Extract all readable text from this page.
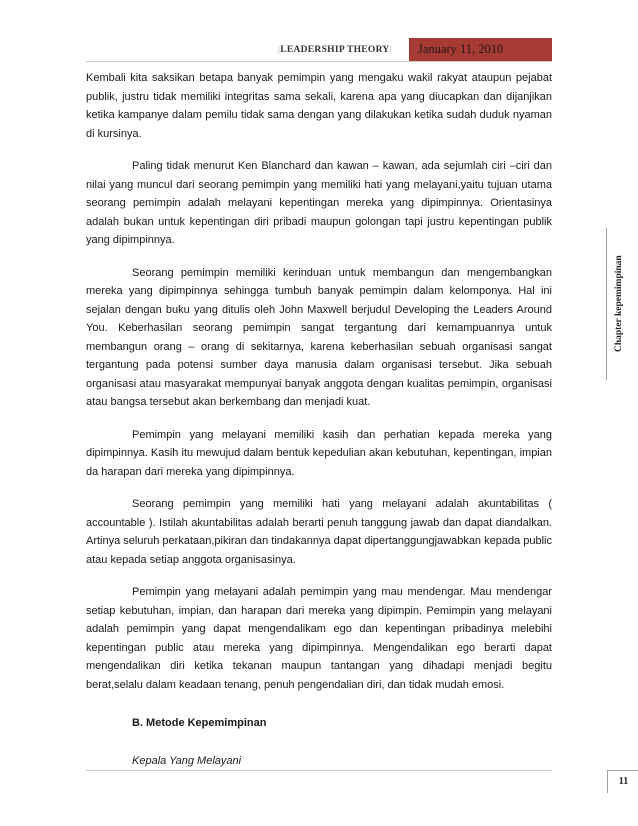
|LEADERSHIP THEORY|	January 11, 2010
Chapter kepemimpinan

Kembali kita saksikan betapa banyak pemimpin yang mengaku wakil rakyat ataupun pejabat publik, justru tidak memiliki integritas sama sekali, karena apa yang diucapkan dan dijanjikan ketika kampanye dalam pemilu tidak sama dengan yang dilakukan ketika sudah duduk nyaman di kursinya.

Paling tidak menurut Ken Blanchard dan kawan – kawan, ada sejumlah ciri –ciri dan nilai yang muncul dari seorang pemimpin yang memiliki hati yang melayani,yaitu tujuan utama seorang pemimpin adalah melayani kepentingan mereka yang dipimpinnya. Orientasinya adalah bukan untuk kepentingan diri pribadi maupun golongan tapi justru kepentingan publik yang dipimpinnya.

Seorang pemimpin memiliki kerinduan untuk membangun dan mengembangkan mereka yang dipimpinnya sehingga tumbuh banyak pemimpin dalam kelomponya. Hal ini sejalan dengan buku yang ditulis oleh John Maxwell berjudul Developing the Leaders Around You. Keberhasilan seorang pemimpin sangat tergantung dari kemampuannya untuk membangun orang – orang di sekitarnya, karena keberhasilan sebuah organisasi sangat tergantung pada potensi sumber daya manusia dalam organisasi tersebut. Jika sebuah organisasi atau masyarakat mempunyai banyak anggota dengan kualitas pemimpin, organisasi atau bangsa tersebut akan berkembang dan menjadi kuat.

Pemimpin yang melayani memiliki kasih dan perhatian kepada mereka yang dipimpinnya. Kasih itu mewujud dalam bentuk kepedulian akan kebutuhan, kepentingan, impian da harapan dari mereka yang dipimpinnya.

Seorang pemimpin yang memiliki hati yang melayani adalah akuntabilitas ( accountable ). Istilah akuntabilitas adalah berarti penuh tanggung jawab dan dapat diandalkan. Artinya seluruh perkataan,pikiran dan tindakannya dapat dipertanggungjawabkan kepada public atau kepada setiap anggota organisasinya.

Pemimpin yang melayani adalah pemimpin yang mau mendengar. Mau mendengar setiap kebutuhan, impian, dan harapan dari mereka yang dipimpin. Pemimpin yang melayani adalah pemimpin yang dapat mengendalikam ego dan kepentingan pribadinya melebihi kepentingan public atau mereka yang dipimpinnya. Mengendalikan ego berarti dapat mengendalikan diri ketika tekanan maupun tantangan yang dihadapi menjadi begitu berat,selalu dalam keadaan tenang, penuh pengendalian diri, dan tidak mudah emosi.

B. Metode Kepemimpinan
Kepala Yang Melayani
11
